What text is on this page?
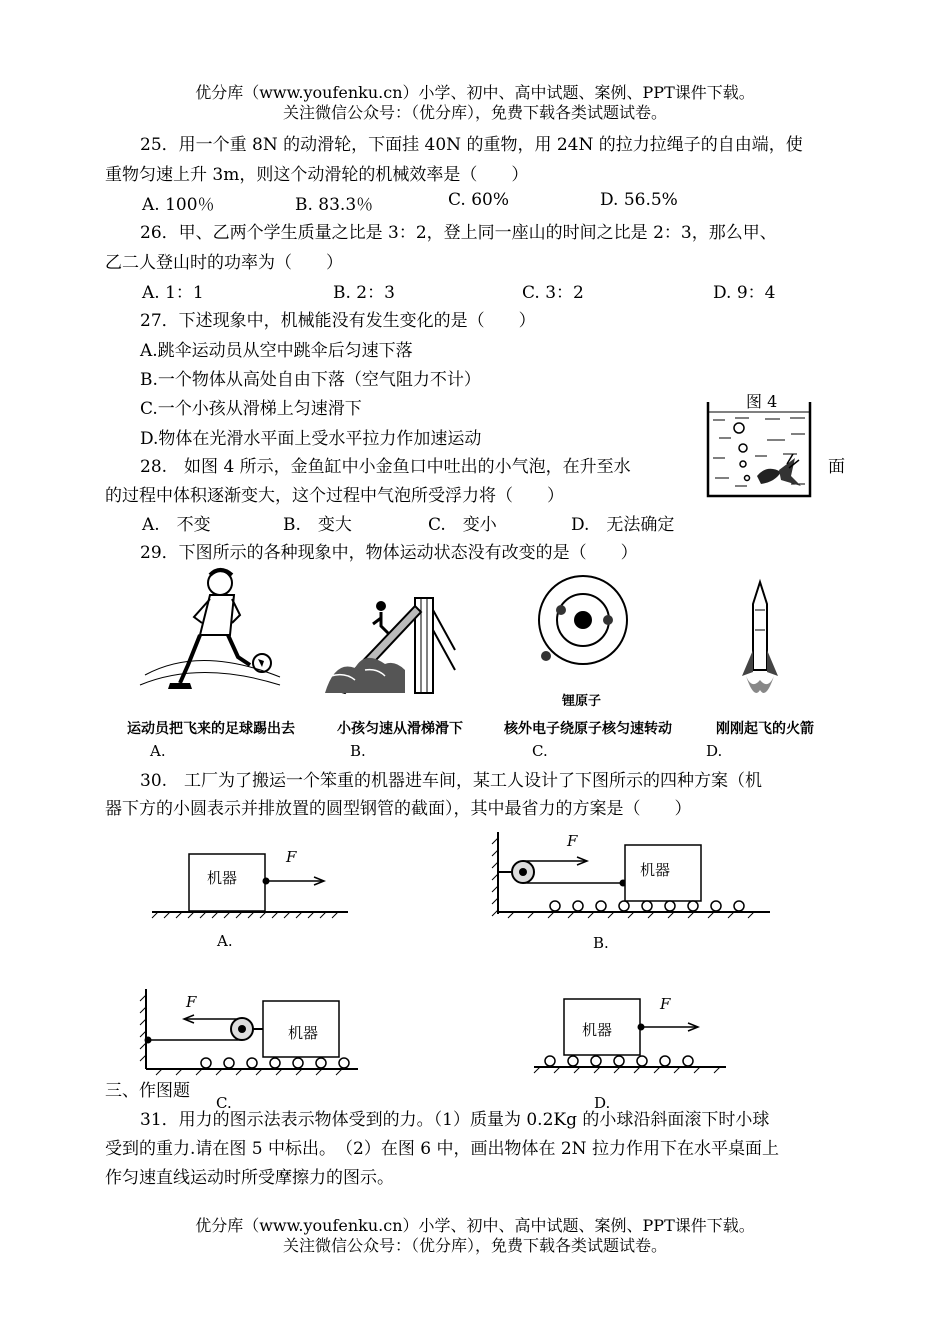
优分库（www.youfenku.cn）小学、初中、高中试题、案例、PPT课件下载。
关注微信公众号：（优分库），免费下载各类试题试卷。
25．用一个重 8N 的动滑轮，下面挂 40N 的重物，用 24N 的拉力拉绳子的自由端，使
重物匀速上升 3m，则这个动滑轮的机械效率是（　　）
A. 100％	B. 83.3％	C. 60%	D. 56.5%
26．甲、乙两个学生质量之比是 3：2，登上同一座山的时间之比是 2：3，那么甲、
乙二人登山时的功率为（　　）
A. 1：1	B. 2：3	C. 3：2	D. 9：4
27．下述现象中，机械能没有发生变化的是（　　）
A.跳伞运动员从空中跳伞后匀速下落
B.一个物体从高处自由下落（空气阻力不计）
C.一个小孩从滑梯上匀速滑下
D.物体在光滑水平面上受水平拉力作加速运动
图 4
28.　如图 4 所示，金鱼缸中小金鱼口中吐出的小气泡，在升至水	面
的过程中体积逐渐变大，这个过程中气泡所受浮力将（　　）
A.　不变	B.　变大	C.　变小	D.　无法确定
29．下图所示的各种现象中，物体运动状态没有改变的是（　　）
锂原子
运动员把飞来的足球踢出去	小孩匀速从滑梯滑下	核外电子绕原子核匀速转动	刚刚起飞的火箭
A.	B.	C.	D.
30.　工厂为了搬运一个笨重的机器进车间，某工人设计了下图所示的四种方案（机
器下方的小圆表示并排放置的圆型钢管的截面），其中最省力的方案是（　　）
机器
F
A.
机器
F
B.
机器
F
C.
机器
F
D.
三、作图题
31．用力的图示法表示物体受到的力。（1）质量为 0.2Kg 的小球沿斜面滚下时小球
受到的重力.请在图 5 中标出。　（2）在图 6 中，画出物体在 2N 拉力作用下在水平桌面上
作匀速直线运动时所受摩擦力的图示。
优分库（www.youfenku.cn）小学、初中、高中试题、案例、PPT课件下载。
关注微信公众号：（优分库），免费下载各类试题试卷。
